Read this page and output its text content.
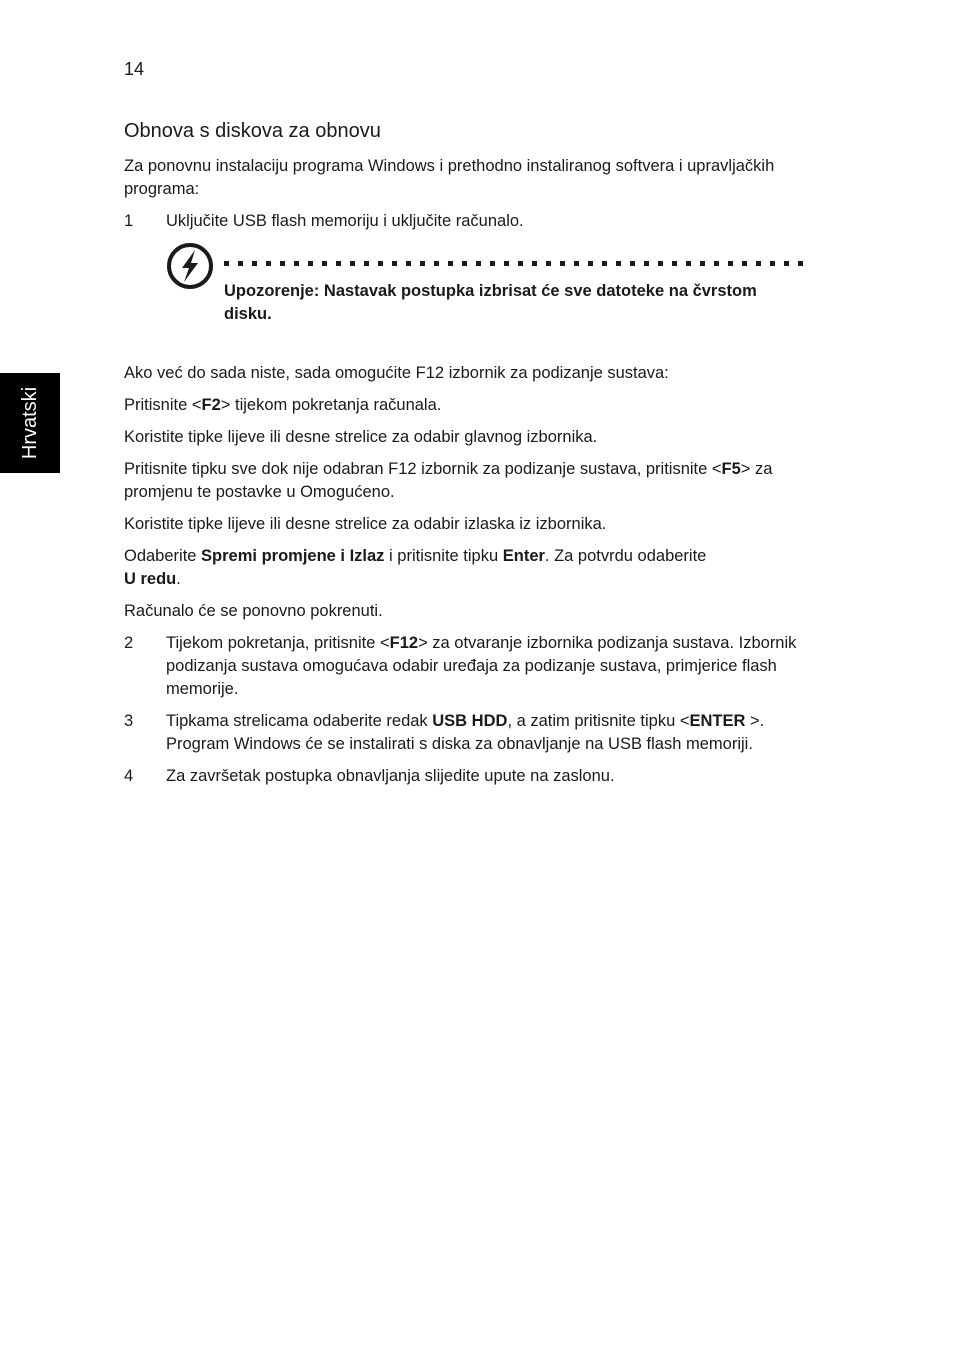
14
Hrvatski
Obnova s diskova za obnovu

Za ponovnu instalaciju programa Windows i prethodno instaliranog softvera i upravljačkih programa:

1	Uključite USB flash memoriju i uključite računalo.
Upozorenje: Nastavak postupka izbrisat će sve datoteke na čvrstom disku.

Ako već do sada niste, sada omogućite F12 izbornik za podizanje sustava:

Pritisnite <F2> tijekom pokretanja računala.

Koristite tipke lijeve ili desne strelice za odabir glavnog izbornika.

Pritisnite tipku sve dok nije odabran F12 izbornik za podizanje sustava, pritisnite <F5> za promjenu te postavke u Omogućeno.

Koristite tipke lijeve ili desne strelice za odabir izlaska iz izbornika.

Odaberite Spremi promjene i Izlaz i pritisnite tipku Enter. Za potvrdu odaberite
U redu.

Računalo će se ponovno pokrenuti.

2	Tijekom pokretanja, pritisnite <F12> za otvaranje izbornika podizanja sustava. Izbornik podizanja sustava omogućava odabir uređaja za podizanje sustava, primjerice flash memorije.
3	Tipkama strelicama odaberite redak USB HDD, a zatim pritisnite tipku <ENTER >. Program Windows će se instalirati s diska za obnavljanje na USB flash memoriji.
4	Za završetak postupka obnavljanja slijedite upute na zaslonu.
